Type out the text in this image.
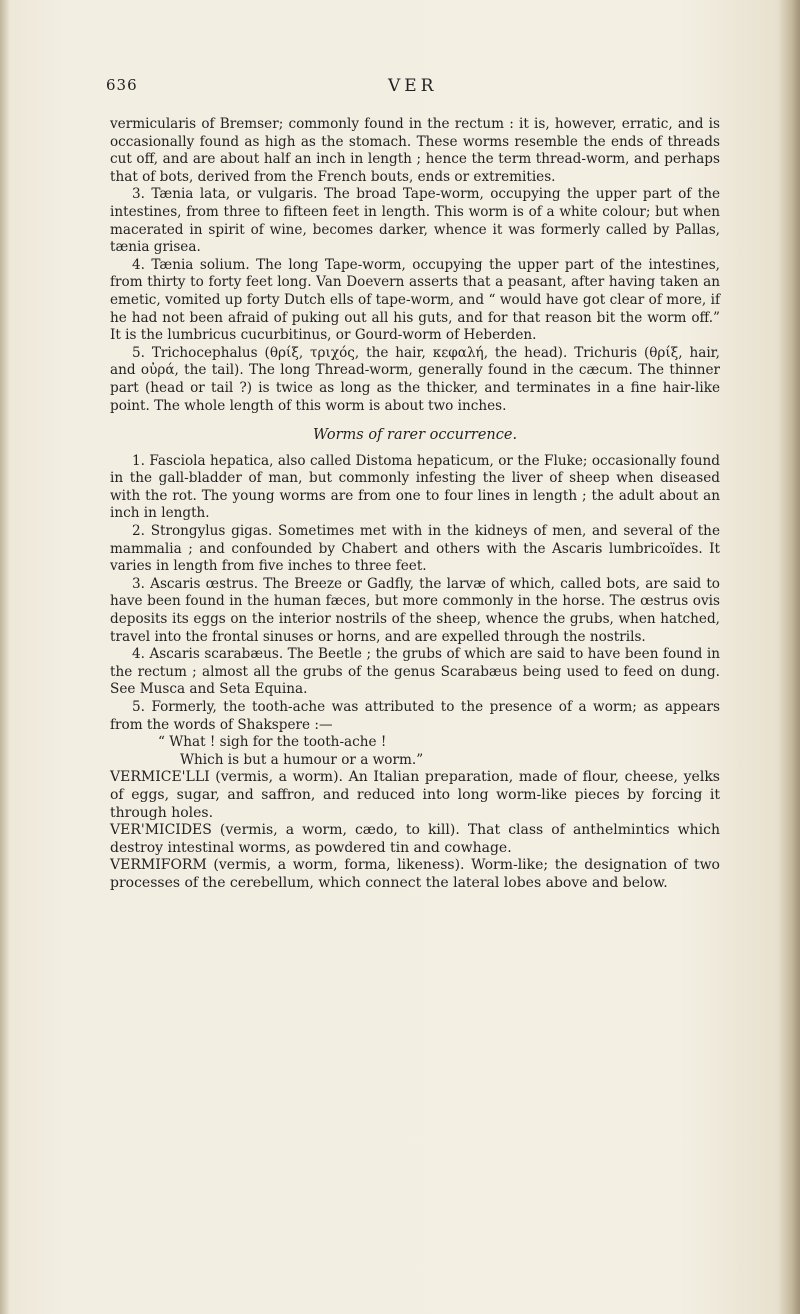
636	VER

vermicularis of Bremser; commonly found in the rectum : it is, however, erratic, and is occasionally found as high as the stomach. These worms resemble the ends of threads cut off, and are about half an inch in length ; hence the term thread-worm, and perhaps that of bots, derived from the French bouts, ends or extremities.

3. Tænia lata, or vulgaris. The broad Tape-worm, occupying the upper part of the intestines, from three to fifteen feet in length. This worm is of a white colour; but when macerated in spirit of wine, becomes darker, whence it was formerly called by Pallas, tænia grisea.

4. Tænia solium. The long Tape-worm, occupying the upper part of the intestines, from thirty to forty feet long. Van Doevern asserts that a peasant, after having taken an emetic, vomited up forty Dutch ells of tape-worm, and “ would have got clear of more, if he had not been afraid of puking out all his guts, and for that reason bit the worm off.” It is the lumbricus cucurbitinus, or Gourd-worm of Heberden.

5. Trichocephalus (θρίξ, τριχός, the hair, κεφαλή, the head). Trichuris (θρίξ, hair, and οὐρά, the tail). The long Thread-worm, generally found in the cæcum. The thinner part (head or tail ?) is twice as long as the thicker, and terminates in a fine hair-like point. The whole length of this worm is about two inches.

Worms of rarer occurrence.

1. Fasciola hepatica, also called Distoma hepaticum, or the Fluke; occasionally found in the gall-bladder of man, but commonly infesting the liver of sheep when diseased with the rot. The young worms are from one to four lines in length ; the adult about an inch in length.

2. Strongylus gigas. Sometimes met with in the kidneys of men, and several of the mammalia ; and confounded by Chabert and others with the Ascaris lumbricoïdes. It varies in length from five inches to three feet.

3. Ascaris œstrus. The Breeze or Gadfly, the larvæ of which, called bots, are said to have been found in the human fæces, but more commonly in the horse. The œstrus ovis deposits its eggs on the interior nostrils of the sheep, whence the grubs, when hatched, travel into the frontal sinuses or horns, and are expelled through the nostrils.

4. Ascaris scarabæus. The Beetle ; the grubs of which are said to have been found in the rectum ; almost all the grubs of the genus Scarabæus being used to feed on dung. See Musca and Seta Equina.

5. Formerly, the tooth-ache was attributed to the presence of a worm; as appears from the words of Shakspere :—

“ What ! sigh for the tooth-ache !

Which is but a humour or a worm.”

VERMICE'LLI (vermis, a worm). An Italian preparation, made of flour, cheese, yelks of eggs, sugar, and saffron, and reduced into long worm-like pieces by forcing it through holes.

VER'MICIDES (vermis, a worm, cædo, to kill). That class of anthelmintics which destroy intestinal worms, as powdered tin and cowhage.

VERMIFORM (vermis, a worm, forma, likeness). Worm-like; the designation of two processes of the cerebellum, which connect the lateral lobes above and below.
